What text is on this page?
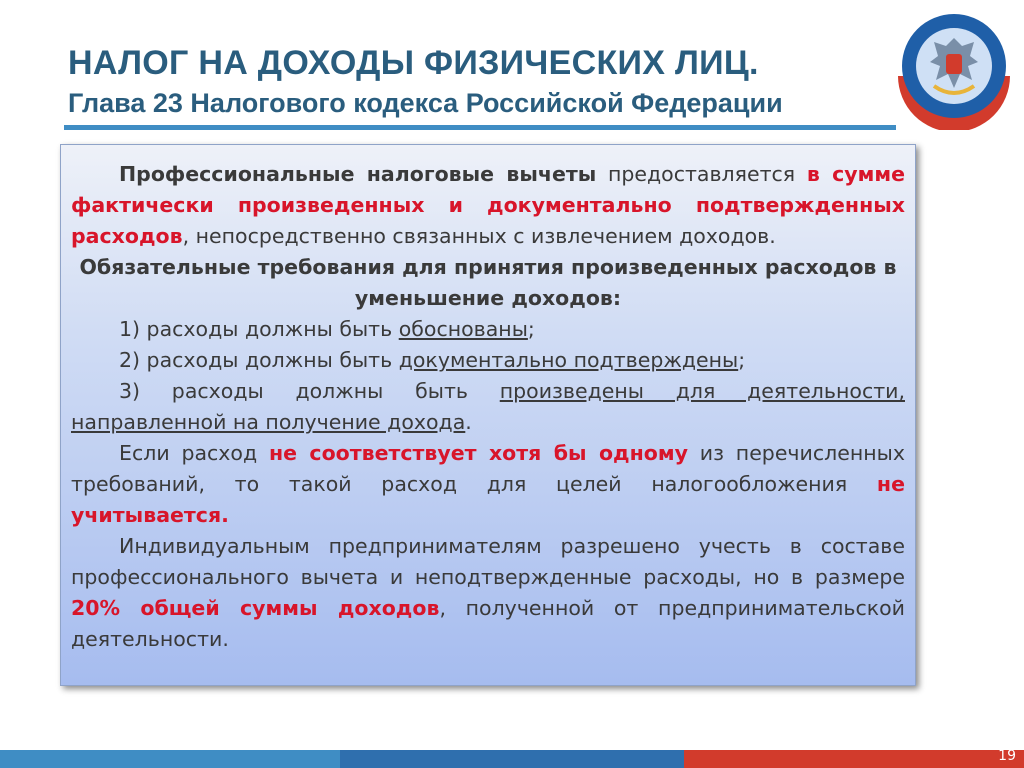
НАЛОГ НА ДОХОДЫ ФИЗИЧЕСКИХ ЛИЦ.
Глава 23 Налогового кодекса Российской Федерации

Профессиональные налоговые вычеты предоставляется в сумме фактически произведенных и документально подтвержденных расходов, непосредственно связанных с извлечением доходов.

Обязательные требования для принятия произведенных расходов в уменьшение доходов:

1) расходы должны быть обоснованы;

2) расходы должны быть документально подтверждены;

3) расходы должны быть произведены для деятельности, направленной на получение дохода.

Если расход не соответствует хотя бы одному из перечисленных требований, то такой расход для целей налогообложения не учитывается.

Индивидуальным предпринимателям разрешено учесть в составе профессионального вычета и неподтвержденные расходы, но в размере 20% общей суммы доходов, полученной от предпринимательской деятельности.

19
